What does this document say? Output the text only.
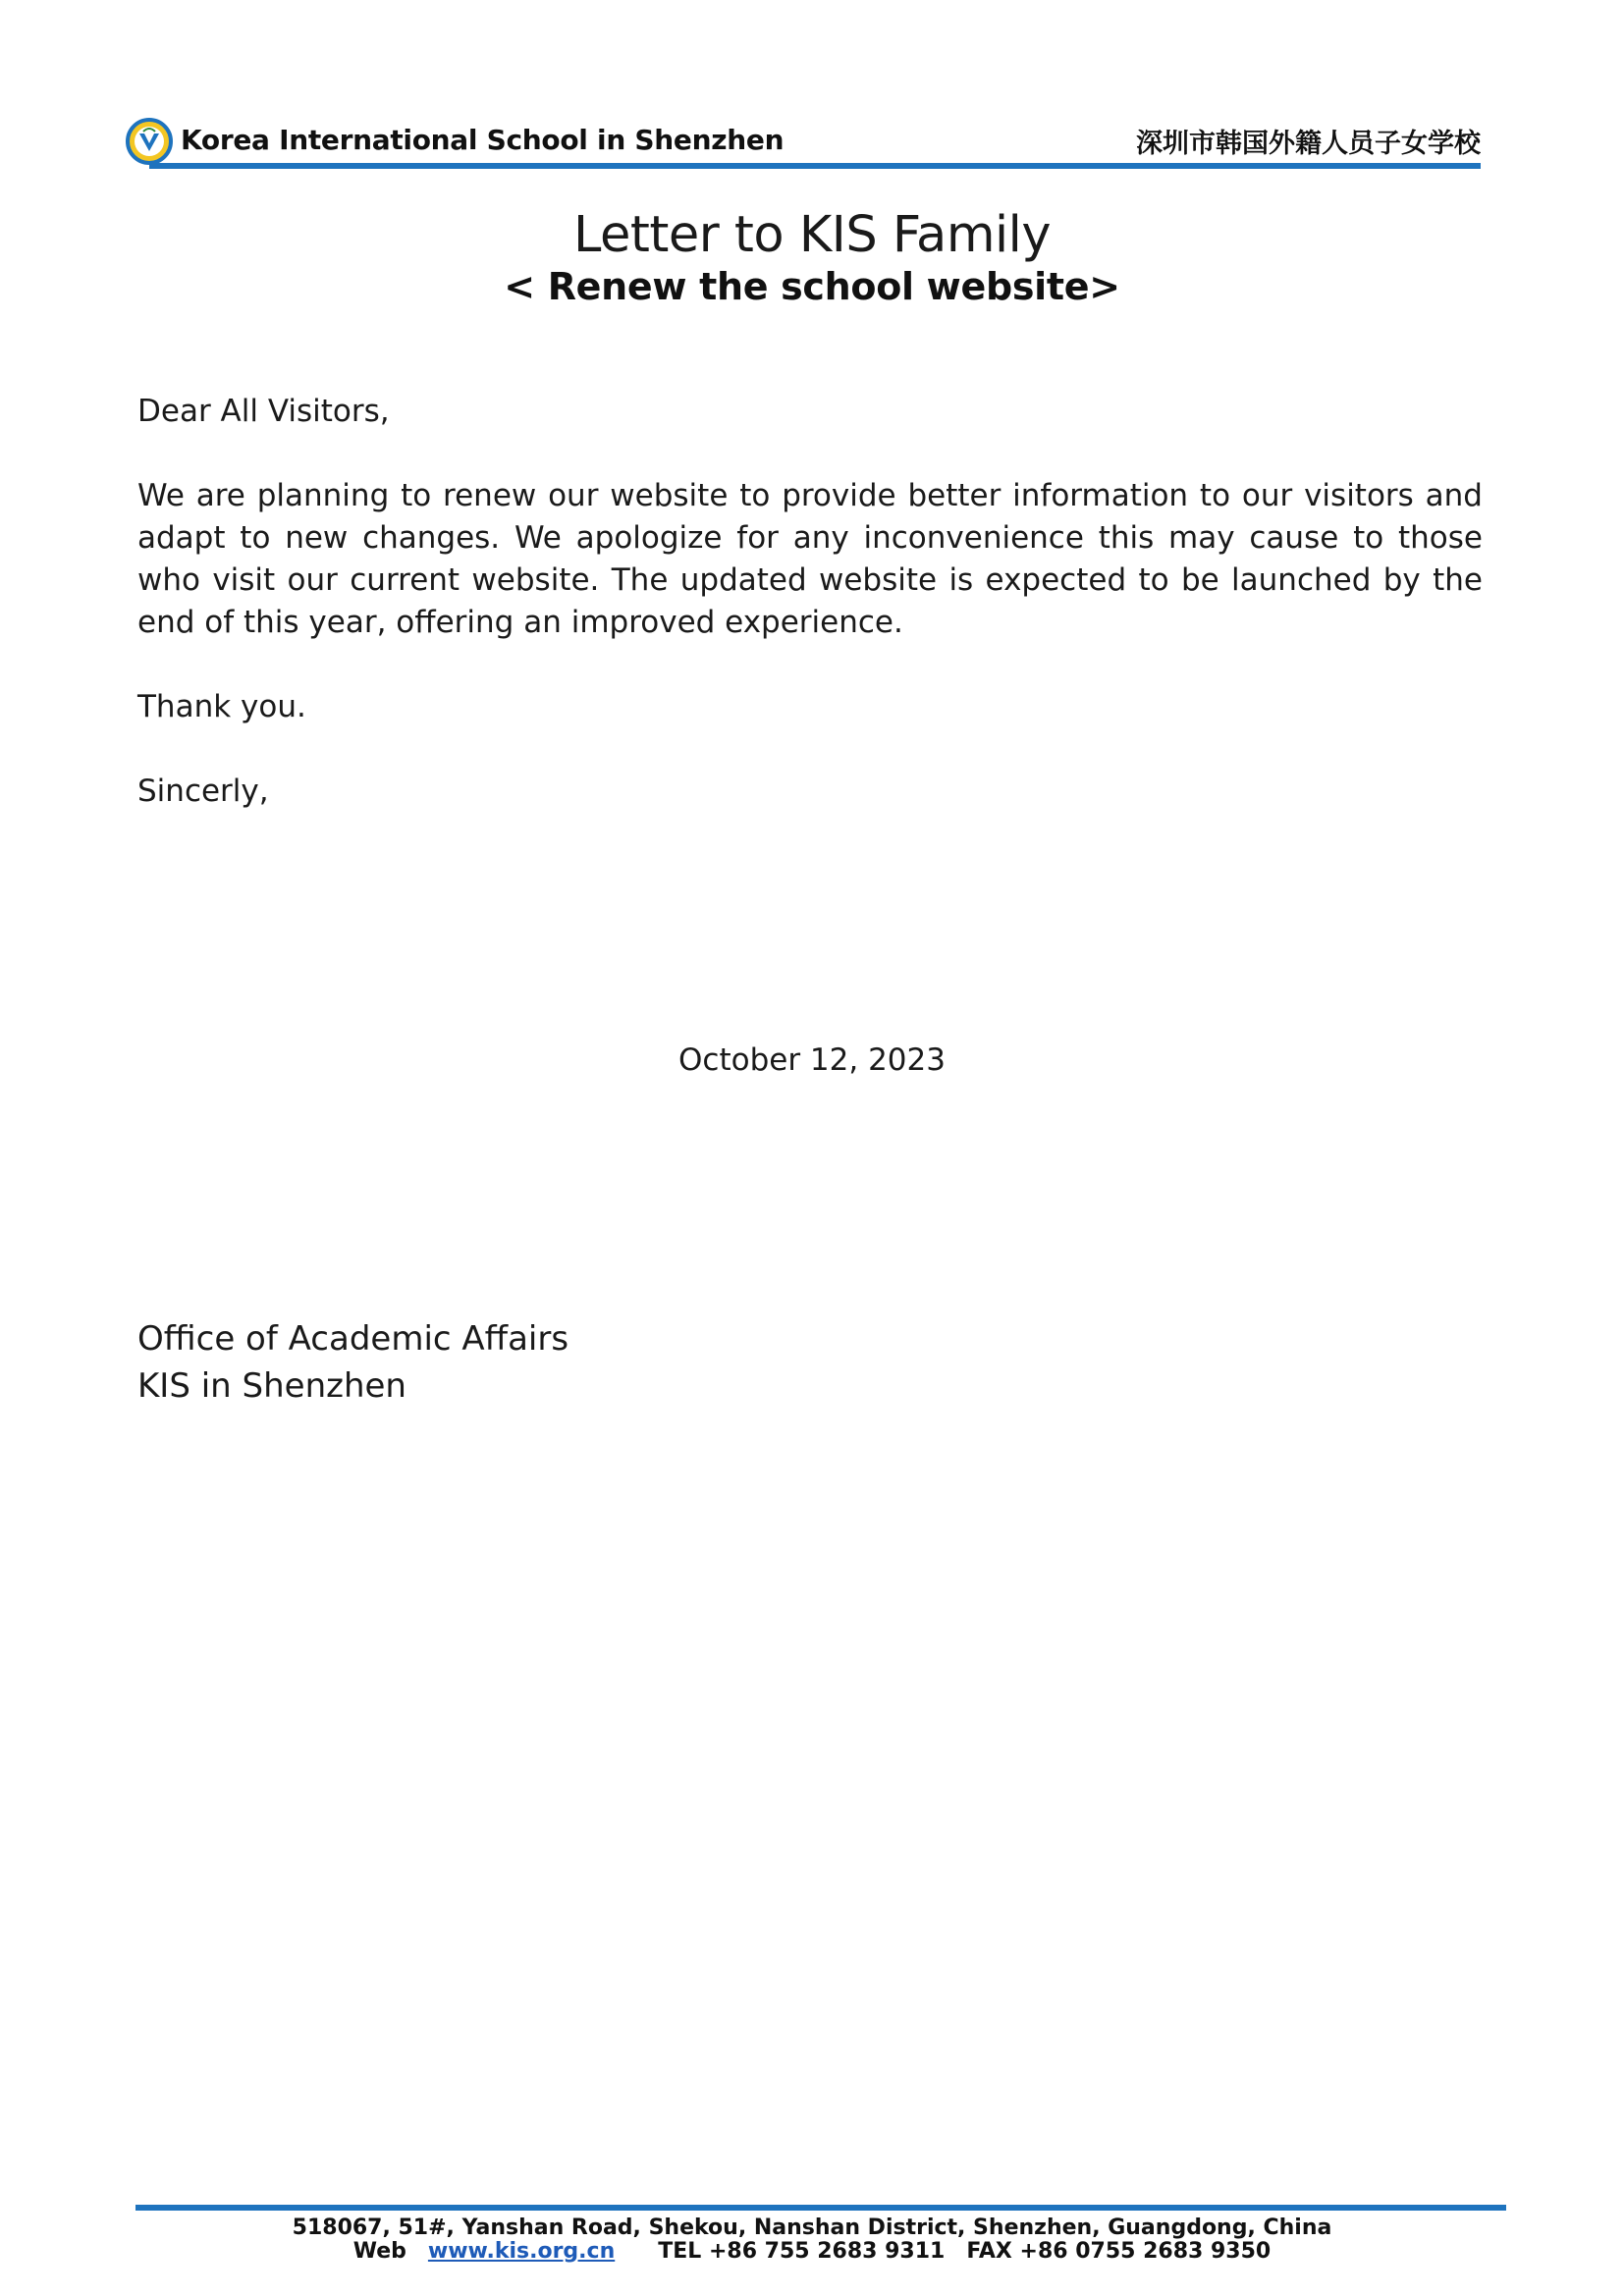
Korea International School in Shenzhen	深圳市韩国外籍人员子女学校
Letter to KIS Family
< Renew the school website>

Dear All Visitors,

We are planning to renew our website to provide better information to our visitors and adapt to new changes. We apologize for any inconvenience this may cause to those who visit our current website. The updated website is expected to be launched by the end of this year, offering an improved experience.

Thank you.

Sincerly,

October 12, 2023
Office of Academic Affairs
KIS in Shenzhen
518067, 51#, Yanshan Road, Shekou, Nanshan District, Shenzhen, Guangdong, China
Web www.kis.org.cn TEL +86 755 2683 9311 FAX +86 0755 2683 9350
